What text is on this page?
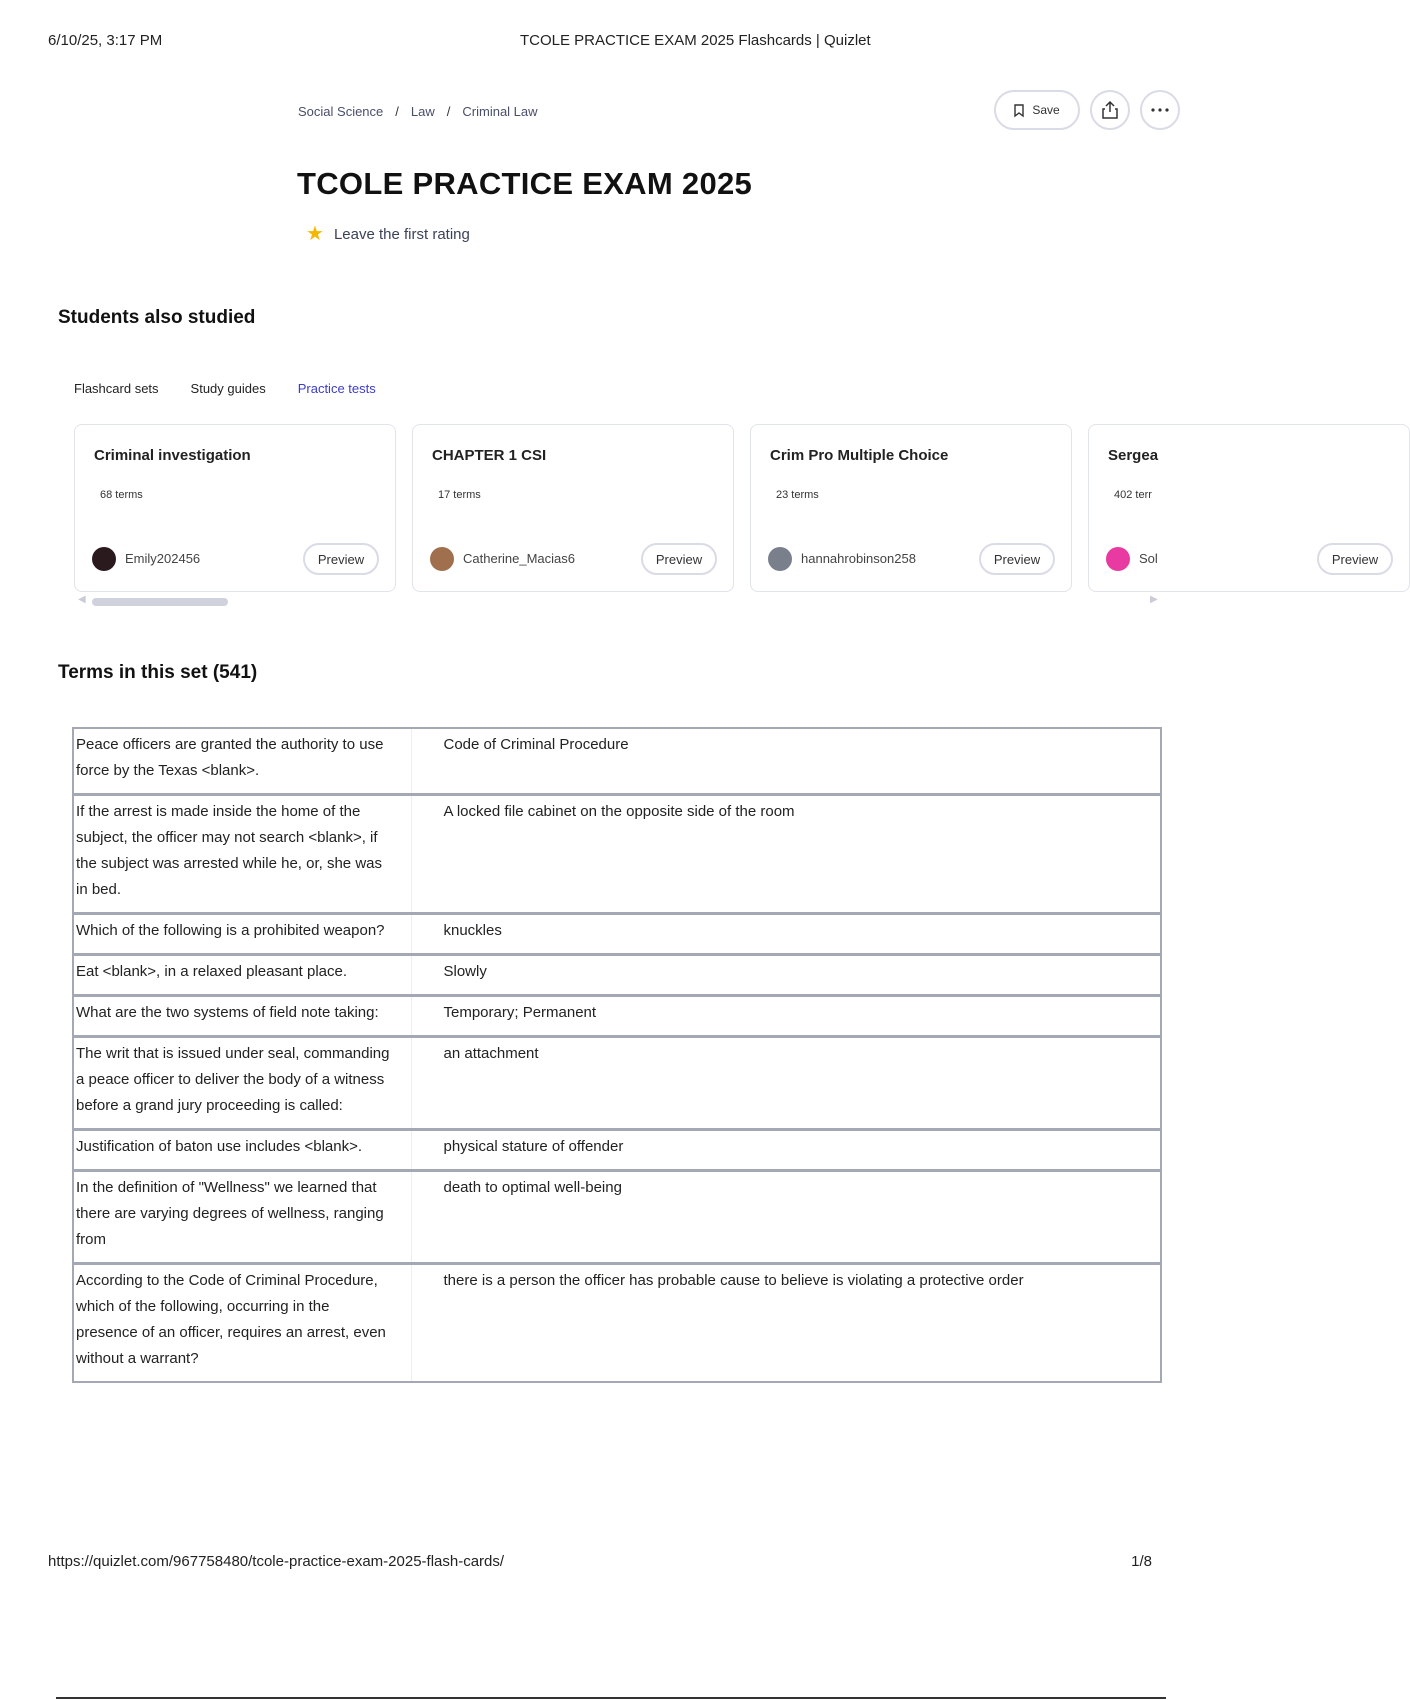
6/10/25, 3:17 PM	TCOLE PRACTICE EXAM 2025 Flashcards | Quizlet
Social Science / Law / Criminal Law	Save
TCOLE PRACTICE EXAM 2025
★ Leave the first rating
Students also studied
Flashcard sets Study guides Practice tests
Criminal investigation
68 terms
Emily202456	Preview
CHAPTER 1 CSI
17 terms
Catherine_Macias6	Preview
Crim Pro Multiple Choice
23 terms
hannahrobinson258	Preview
Sergea
402 terr
Sol	Preview
◀	▶
Terms in this set (541)
Peace officers are granted the authority to use force by the Texas <blank>.	Code of Criminal Procedure
If the arrest is made inside the home of the subject, the officer may not search <blank>, if the subject was arrested while he, or, she was in bed.	A locked file cabinet on the opposite side of the room
Which of the following is a prohibited weapon?	knuckles
Eat <blank>, in a relaxed pleasant place.	Slowly
What are the two systems of field note taking:	Temporary; Permanent
The writ that is issued under seal, commanding a peace officer to deliver the body of a witness before a grand jury proceeding is called:	an attachment
Justification of baton use includes <blank>.	physical stature of offender
In the definition of "Wellness" we learned that there are varying degrees of wellness, ranging from	death to optimal well-being
According to the Code of Criminal Procedure, which of the following, occurring in the presence of an officer, requires an arrest, even without a warrant?	there is a person the officer has probable cause to believe is violating a protective order
https://quizlet.com/967758480/tcole-practice-exam-2025-flash-cards/	1/8
